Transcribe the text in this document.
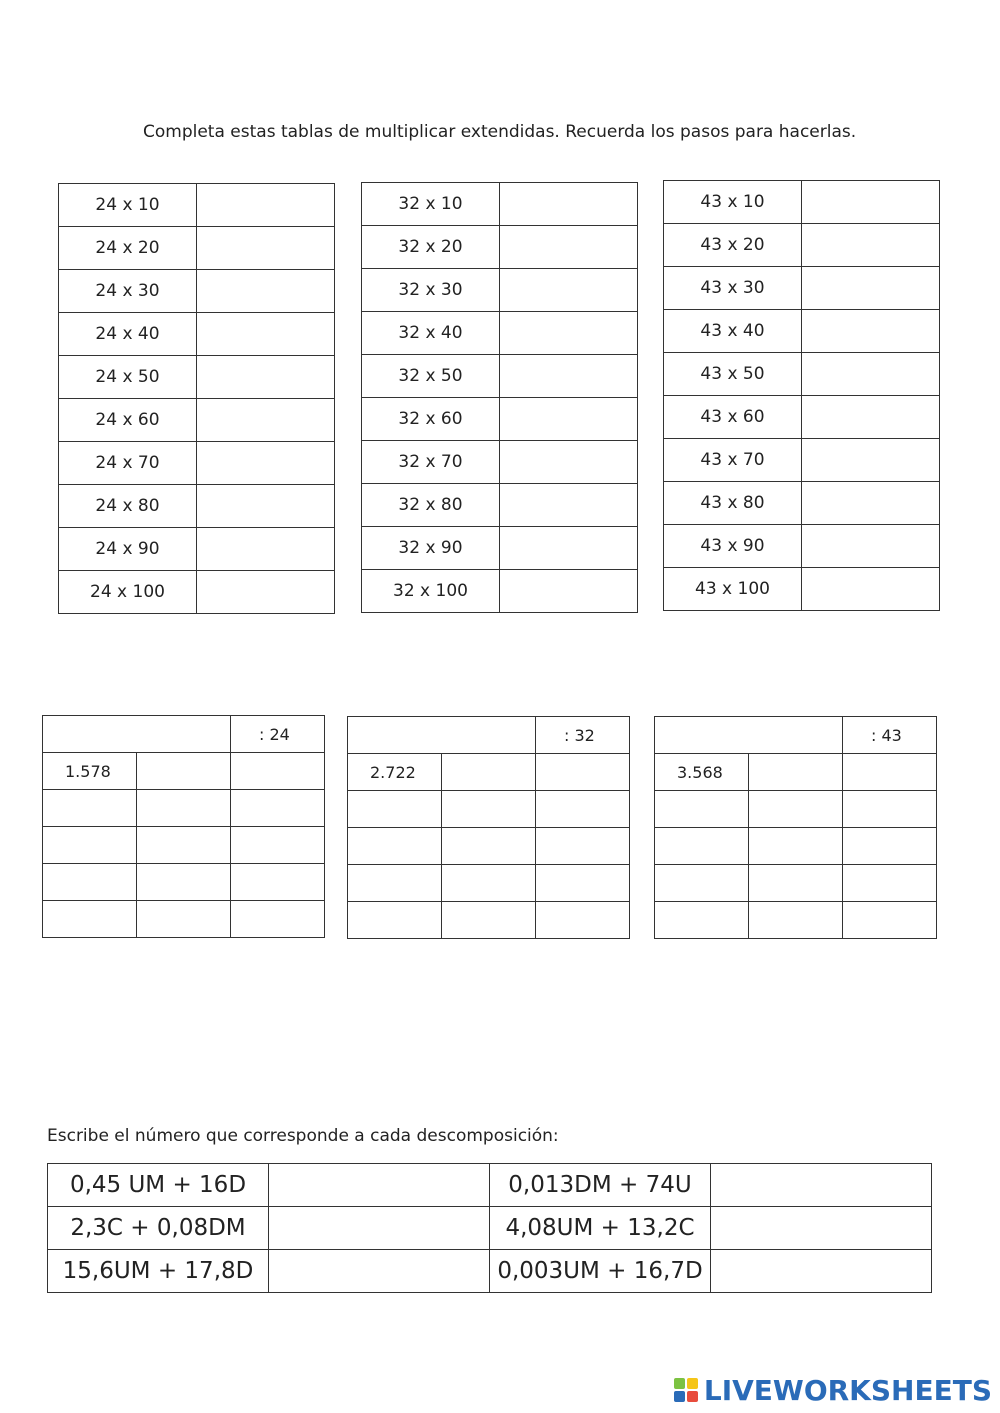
Completa estas tablas de multiplicar extendidas. Recuerda los pasos para hacerlas.
24 x 10	
24 x 20	
24 x 30	
24 x 40	
24 x 50	
24 x 60	
24 x 70	
24 x 80	
24 x 90	
24 x 100	
32 x 10	
32 x 20	
32 x 30	
32 x 40	
32 x 50	
32 x 60	
32 x 70	
32 x 80	
32 x 90	
32 x 100	
43 x 10	
43 x 20	
43 x 30	
43 x 40	
43 x 50	
43 x 60	
43 x 70	
43 x 80	
43 x 90	
43 x 100	
		: 24
1.578		

		: 32
2.722		

		: 43
3.568		

Escribe el número que corresponde a cada descomposición:
0,45 UM + 16D		0,013DM + 74U	
2,3C + 0,08DM		4,08UM + 13,2C	
15,6UM + 17,8D		0,003UM + 16,7D	
LIVEWORKSHEETS
